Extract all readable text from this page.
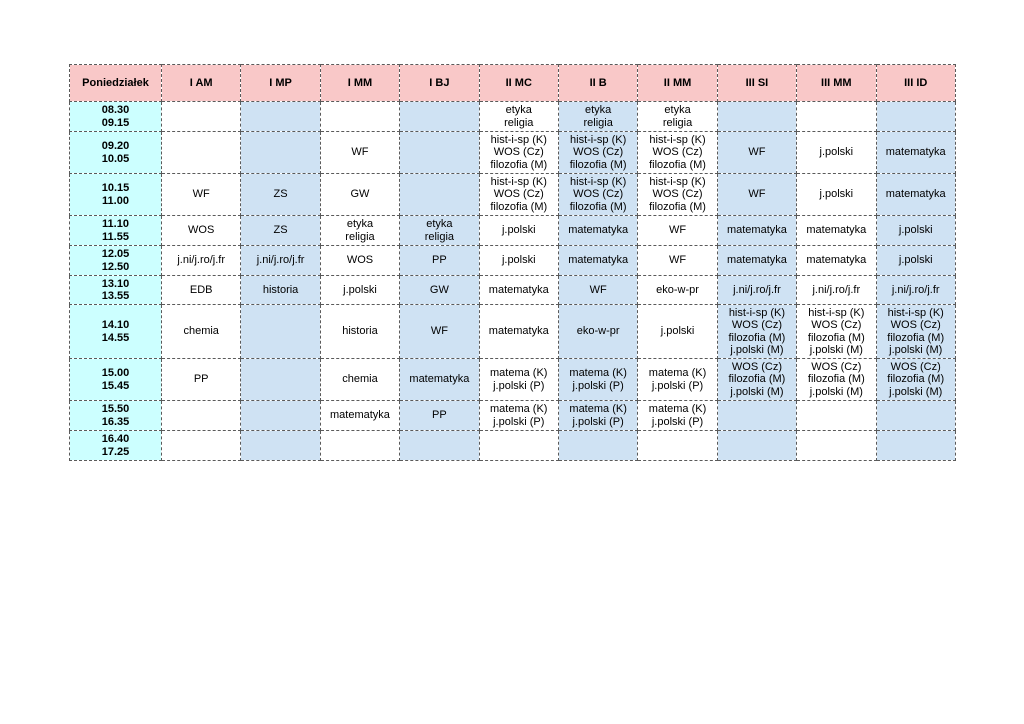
Poniedziałek	I AM	I MP	I MM	I BJ	II MC	II B	II MM	III SI	III MM	III ID

08.30
09.15					etyka
religia	etyka
religia	etyka
religia			

09.20
10.05			WF		hist-i-sp (K)
WOS (Cz)
filozofia (M)	hist-i-sp (K)
WOS (Cz)
filozofia (M)	hist-i-sp (K)
WOS (Cz)
filozofia (M)	WF	j.polski	matematyka

10.15
11.00	WF	ZS	GW		hist-i-sp (K)
WOS (Cz)
filozofia (M)	hist-i-sp (K)
WOS (Cz)
filozofia (M)	hist-i-sp (K)
WOS (Cz)
filozofia (M)	WF	j.polski	matematyka

11.10
11.55	WOS	ZS	etyka
religia	etyka
religia	j.polski	matematyka	WF	matematyka	matematyka	j.polski

12.05
12.50	j.ni/j.ro/j.fr	j.ni/j.ro/j.fr	WOS	PP	j.polski	matematyka	WF	matematyka	matematyka	j.polski

13.10
13.55	EDB	historia	j.polski	GW	matematyka	WF	eko-w-pr	j.ni/j.ro/j.fr	j.ni/j.ro/j.fr	j.ni/j.ro/j.fr

14.10
14.55	chemia		historia	WF	matematyka	eko-w-pr	j.polski	hist-i-sp (K)
WOS (Cz)
filozofia (M)
j.polski (M)	hist-i-sp (K)
WOS (Cz)
filozofia (M)
j.polski (M)	hist-i-sp (K)
WOS (Cz)
filozofia (M)
j.polski (M)

15.00
15.45	PP		chemia	matematyka	matema (K)
j.polski (P)	matema (K)
j.polski (P)	matema (K)
j.polski (P)	WOS (Cz)
filozofia (M)
j.polski (M)	WOS (Cz)
filozofia (M)
j.polski (M)	WOS (Cz)
filozofia (M)
j.polski (M)

15.50
16.35			matematyka	PP	matema (K)
j.polski (P)	matema (K)
j.polski (P)	matema (K)
j.polski (P)			

16.40
17.25										
